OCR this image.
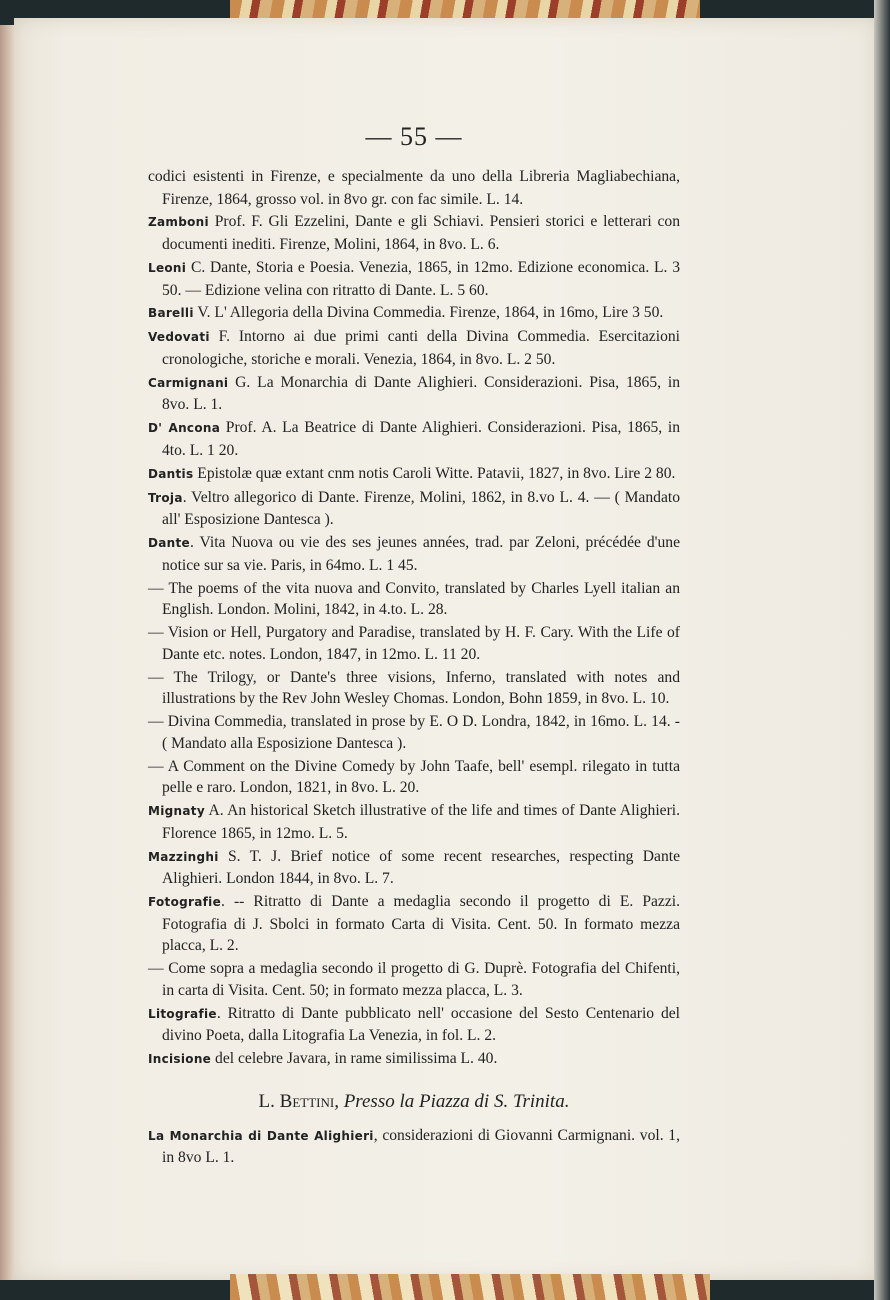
— 55 —
codici esistenti in Firenze, e specialmente da uno della Libreria Magliabechiana, Firenze, 1864, grosso vol. in 8vo gr. con fac simile. L. 14.
Zamboni Prof. F. Gli Ezzelini, Dante e gli Schiavi. Pensieri storici e letterari con documenti inediti. Firenze, Molini, 1864, in 8vo. L. 6.
Leoni C. Dante, Storia e Poesia. Venezia, 1865, in 12mo. Edizione economica. L. 3 50. — Edizione velina con ritratto di Dante. L. 5 60.
Barelli V. L' Allegoria della Divina Commedia. Firenze, 1864, in 16mo, Lire 3 50.
Vedovati F. Intorno ai due primi canti della Divina Commedia. Esercitazioni cronologiche, storiche e morali. Venezia, 1864, in 8vo. L. 2 50.
Carmignani G. La Monarchia di Dante Alighieri. Considerazioni. Pisa, 1865, in 8vo. L. 1.
D' Ancona Prof. A. La Beatrice di Dante Alighieri. Considerazioni. Pisa, 1865, in 4to. L. 1 20.
Dantis Epistolæ quæ extant cnm notis Caroli Witte. Patavii, 1827, in 8vo. Lire 2 80.
Troja. Veltro allegorico di Dante. Firenze, Molini, 1862, in 8.vo L. 4. — ( Mandato all' Esposizione Dantesca ).
Dante. Vita Nuova ou vie des ses jeunes années, trad. par Zeloni, précédée d'une notice sur sa vie. Paris, in 64mo. L. 1 45.
— The poems of the vita nuova and Convito, translated by Charles Lyell italian an English. London. Molini, 1842, in 4.to. L. 28.
— Vision or Hell, Purgatory and Paradise, translated by H. F. Cary. With the Life of Dante etc. notes. London, 1847, in 12mo. L. 11 20.
— The Trilogy, or Dante's three visions, Inferno, translated with notes and illustrations by the Rev John Wesley Chomas. London, Bohn 1859, in 8vo. L. 10.
— Divina Commedia, translated in prose by E. O D. Londra, 1842, in 16mo. L. 14. - ( Mandato alla Esposizione Dantesca ).
— A Comment on the Divine Comedy by John Taafe, bell' esempl. rilegato in tutta pelle e raro. London, 1821, in 8vo. L. 20.
Mignaty A. An historical Sketch illustrative of the life and times of Dante Alighieri. Florence 1865, in 12mo. L. 5.
Mazzinghi S. T. J. Brief notice of some recent researches, respecting Dante Alighieri. London 1844, in 8vo. L. 7.
Fotografie. -- Ritratto di Dante a medaglia secondo il progetto di E. Pazzi. Fotografia di J. Sbolci in formato Carta di Visita. Cent. 50. In formato mezza placca, L. 2.
— Come sopra a medaglia secondo il progetto di G. Duprè. Fotografia del Chifenti, in carta di Visita. Cent. 50; in formato mezza placca, L. 3.
Litografie. Ritratto di Dante pubblicato nell' occasione del Sesto Centenario del divino Poeta, dalla Litografia La Venezia, in fol. L. 2.
Incisione del celebre Javara, in rame similissima L. 40.
L. Bettini, Presso la Piazza di S. Trinita.
La Monarchia di Dante Alighieri, considerazioni di Giovanni Carmignani. vol. 1, in 8vo L. 1.
